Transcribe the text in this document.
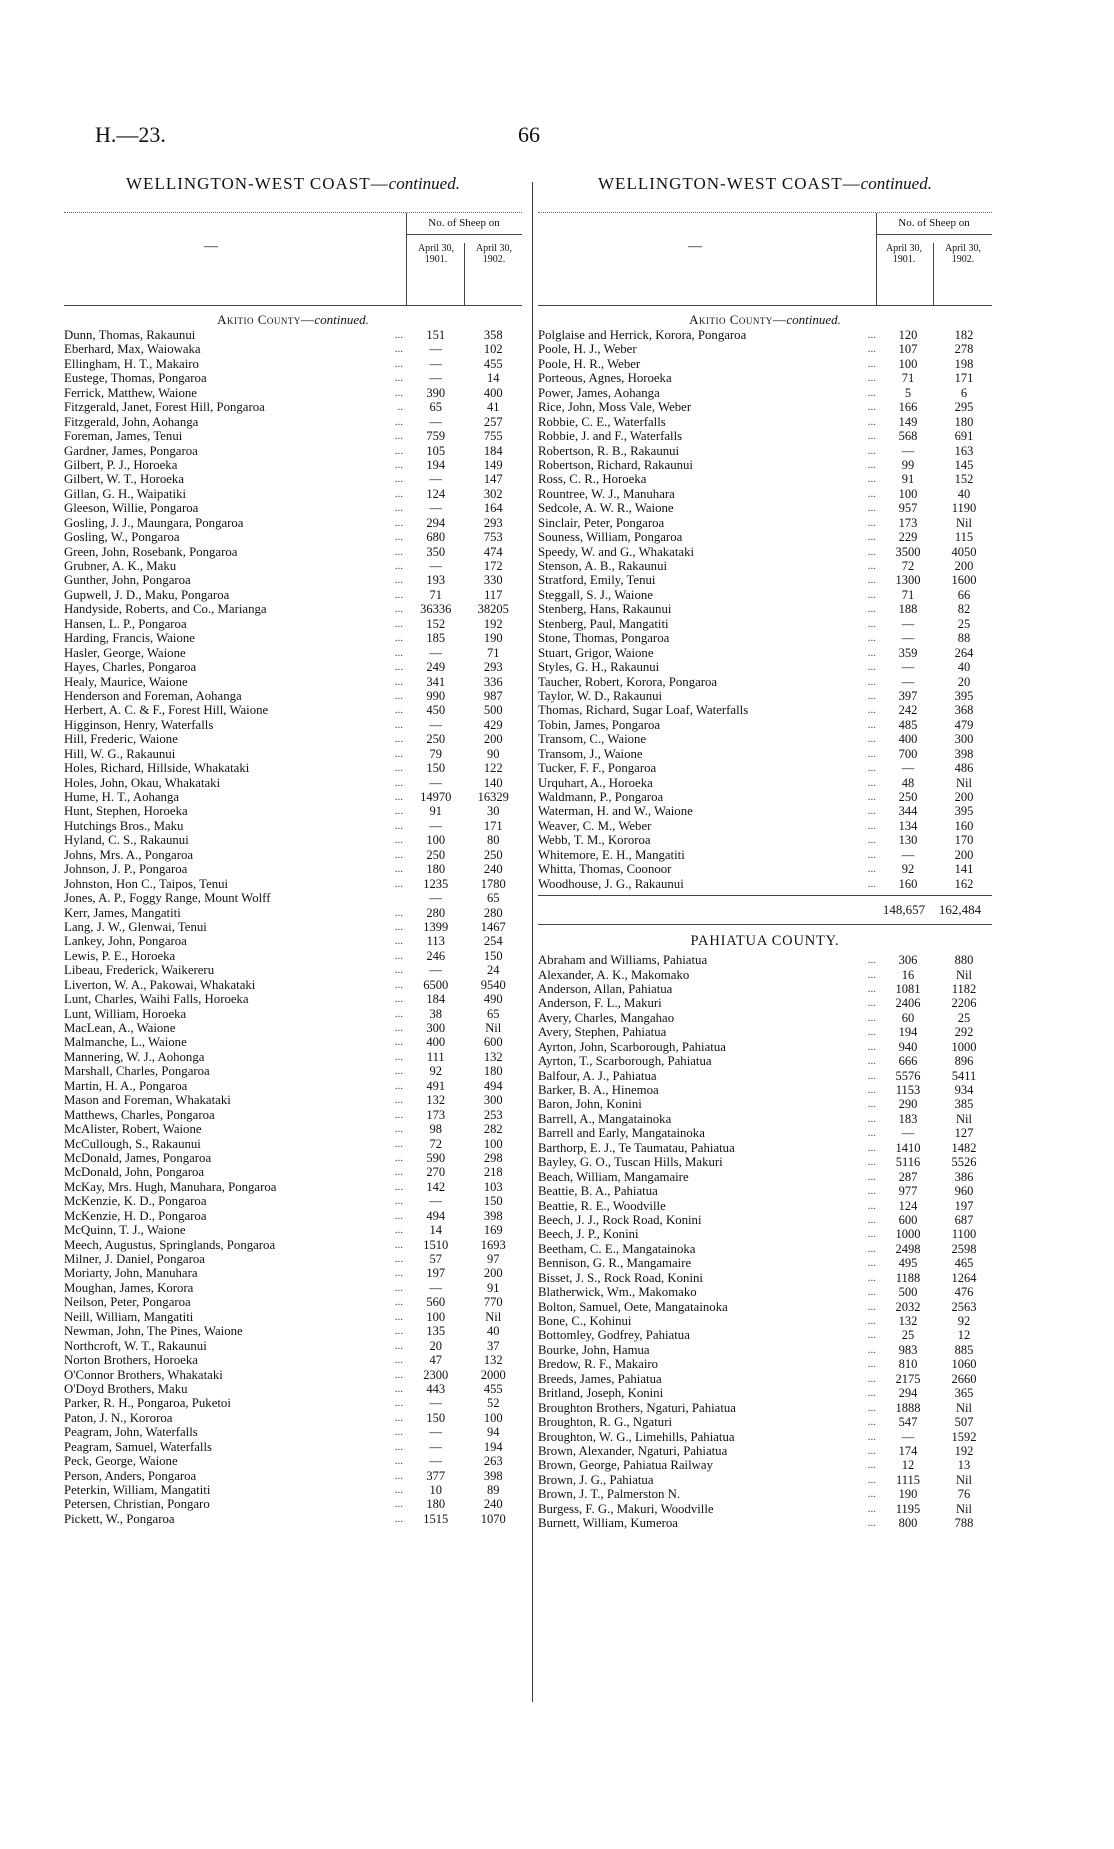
H.—23.	66
WELLINGTON-WEST COAST—continued.
—
No. of Sheep on
April 30, 1901.
April 30, 1902.
Akitio County—continued.
Dunn, Thomas, Rakaunui	...	151	358
Eberhard, Max, Waiowaka	...	—	102
Ellingham, H. T., Makairo	...	—	455
Eustege, Thomas, Pongaroa	...	—	14
Ferrick, Matthew, Waione	...	390	400
Fitzgerald, Janet, Forest Hill, Pongaroa	..	65	41
Fitzgerald, John, Aohanga	...	—	257
Foreman, James, Tenui	...	759	755
Gardner, James, Pongaroa	...	105	184
Gilbert, P. J., Horoeka	...	194	149
Gilbert, W. T., Horoeka	...	—	147
Gillan, G. H., Waipatiki	...	124	302
Gleeson, Willie, Pongaroa	...	—	164
Gosling, J. J., Maungara, Pongaroa	...	294	293
Gosling, W., Pongaroa	...	680	753
Green, John, Rosebank, Pongaroa	...	350	474
Grubner, A. K., Maku	...	—	172
Gunther, John, Pongaroa	...	193	330
Gupwell, J. D., Maku, Pongaroa	...	71	117
Handyside, Roberts, and Co., Marianga	...	36336	38205
Hansen, L. P., Pongaroa	...	152	192
Harding, Francis, Waione	...	185	190
Hasler, George, Waione	...	—	71
Hayes, Charles, Pongaroa	...	249	293
Healy, Maurice, Waione	...	341	336
Henderson and Foreman, Aohanga	...	990	987
Herbert, A. C. & F., Forest Hill, Waione	...	450	500
Higginson, Henry, Waterfalls	...	—	429
Hill, Frederic, Waione	...	250	200
Hill, W. G., Rakaunui	...	79	90
Holes, Richard, Hillside, Whakataki	...	150	122
Holes, John, Okau, Whakataki	...	—	140
Hume, H. T., Aohanga	...	14970	16329
Hunt, Stephen, Horoeka	...	91	30
Hutchings Bros., Maku	...	—	171
Hyland, C. S., Rakaunui	...	100	80
Johns, Mrs. A., Pongaroa	...	250	250
Johnson, J. P., Pongaroa	...	180	240
Johnston, Hon C., Taipos, Tenui	...	1235	1780
Jones, A. P., Foggy Range, Mount Wolff	—	65
Kerr, James, Mangatiti	...	280	280
Lang, J. W., Glenwai, Tenui	...	1399	1467
Lankey, John, Pongaroa	...	113	254
Lewis, P. E., Horoeka	...	246	150
Libeau, Frederick, Waikereru	...	—	24
Liverton, W. A., Pakowai, Whakataki	...	6500	9540
Lunt, Charles, Waihi Falls, Horoeka	...	184	490
Lunt, William, Horoeka	...	38	65
MacLean, A., Waione	...	300	Nil
Malmanche, L., Waione	...	400	600
Mannering, W. J., Aohonga	...	111	132
Marshall, Charles, Pongaroa	...	92	180
Martin, H. A., Pongaroa	...	491	494
Mason and Foreman, Whakataki	...	132	300
Matthews, Charles, Pongaroa	...	173	253
McAlister, Robert, Waione	...	98	282
McCullough, S., Rakaunui	...	72	100
McDonald, James, Pongaroa	...	590	298
McDonald, John, Pongaroa	...	270	218
McKay, Mrs. Hugh, Manuhara, Pongaroa	...	142	103
McKenzie, K. D., Pongaroa	...	—	150
McKenzie, H. D., Pongaroa	...	494	398
McQuinn, T. J., Waione	...	14	169
Meech, Augustus, Springlands, Pongaroa	...	1510	1693
Milner, J. Daniel, Pongaroa	...	57	97
Moriarty, John, Manuhara	...	197	200
Moughan, James, Korora	...	—	91
Neilson, Peter, Pongaroa	...	560	770
Neill, William, Mangatiti	...	100	Nil
Newman, John, The Pines, Waione	...	135	40
Northcroft, W. T., Rakaunui	...	20	37
Norton Brothers, Horoeka	...	47	132
O'Connor Brothers, Whakataki	...	2300	2000
O'Doyd Brothers, Maku	...	443	455
Parker, R. H., Pongaroa, Puketoi	...	—	52
Paton, J. N., Kororoa	...	150	100
Peagram, John, Waterfalls	...	—	94
Peagram, Samuel, Waterfalls	...	—	194
Peck, George, Waione	...	—	263
Person, Anders, Pongaroa	...	377	398
Peterkin, William, Mangatiti	...	10	89
Petersen, Christian, Pongaro	...	180	240
Pickett, W., Pongaroa	...	1515	1070
WELLINGTON-WEST COAST—continued.
—
No. of Sheep on
April 30, 1901.
April 30, 1902.
Akitio County—continued.
Polglaise and Herrick, Korora, Pongaroa	...	120	182
Poole, H. J., Weber	...	107	278
Poole, H. R., Weber	...	100	198
Porteous, Agnes, Horoeka	...	71	171
Power, James, Aohanga	...	5	6
Rice, John, Moss Vale, Weber	...	166	295
Robbie, C. E., Waterfalls	...	149	180
Robbie, J. and F., Waterfalls	...	568	691
Robertson, R. B., Rakaunui	...	—	163
Robertson, Richard, Rakaunui	...	99	145
Ross, C. R., Horoeka	...	91	152
Rountree, W. J., Manuhara	...	100	40
Sedcole, A. W. R., Waione	...	957	1190
Sinclair, Peter, Pongaroa	...	173	Nil
Souness, William, Pongaroa	...	229	115
Speedy, W. and G., Whakataki	...	3500	4050
Stenson, A. B., Rakaunui	...	72	200
Stratford, Emily, Tenui	...	1300	1600
Steggall, S. J., Waione	...	71	66
Stenberg, Hans, Rakaunui	...	188	82
Stenberg, Paul, Mangatiti	...	—	25
Stone, Thomas, Pongaroa	...	—	88
Stuart, Grigor, Waione	...	359	264
Styles, G. H., Rakaunui	...	—	40
Taucher, Robert, Korora, Pongaroa	...	—	20
Taylor, W. D., Rakaunui	...	397	395
Thomas, Richard, Sugar Loaf, Waterfalls	...	242	368
Tobin, James, Pongaroa	...	485	479
Transom, C., Waione	...	400	300
Transom, J., Waione	...	700	398
Tucker, F. F., Pongaroa	...	—	486
Urquhart, A., Horoeka	...	48	Nil
Waldmann, P., Pongaroa	...	250	200
Waterman, H. and W., Waione	...	344	395
Weaver, C. M., Weber	...	134	160
Webb, T. M., Kororoa	...	130	170
Whitemore, E. H., Mangatiti	...	—	200
Whitta, Thomas, Coonoor	...	92	141
Woodhouse, J. G., Rakaunui	...	160	162
148,657	162,484
PAHIATUA COUNTY.
Abraham and Williams, Pahiatua	...	306	880
Alexander, A. K., Makomako	...	16	Nil
Anderson, Allan, Pahiatua	...	1081	1182
Anderson, F. L., Makuri	...	2406	2206
Avery, Charles, Mangahao	...	60	25
Avery, Stephen, Pahiatua	...	194	292
Ayrton, John, Scarborough, Pahiatua	...	940	1000
Ayrton, T., Scarborough, Pahiatua	...	666	896
Balfour, A. J., Pahiatua	...	5576	5411
Barker, B. A., Hinemoa	...	1153	934
Baron, John, Konini	...	290	385
Barrell, A., Mangatainoka	...	183	Nil
Barrell and Early, Mangatainoka	...	—	127
Barthorp, E. J., Te Taumatau, Pahiatua	...	1410	1482
Bayley, G. O., Tuscan Hills, Makuri	...	5116	5526
Beach, William, Mangamaire	...	287	386
Beattie, B. A., Pahiatua	...	977	960
Beattie, R. E., Woodville	...	124	197
Beech, J. J., Rock Road, Konini	...	600	687
Beech, J. P., Konini	...	1000	1100
Beetham, C. E., Mangatainoka	...	2498	2598
Bennison, G. R., Mangamaire	...	495	465
Bisset, J. S., Rock Road, Konini	...	1188	1264
Blatherwick, Wm., Makomako	...	500	476
Bolton, Samuel, Oete, Mangatainoka	...	2032	2563
Bone, C., Kohinui	...	132	92
Bottomley, Godfrey, Pahiatua	...	25	12
Bourke, John, Hamua	...	983	885
Bredow, R. F., Makairo	...	810	1060
Breeds, James, Pahiatua	...	2175	2660
Britland, Joseph, Konini	...	294	365
Broughton Brothers, Ngaturi, Pahiatua	...	1888	Nil
Broughton, R. G., Ngaturi	...	547	507
Broughton, W. G., Limehills, Pahiatua	...	—	1592
Brown, Alexander, Ngaturi, Pahiatua	...	174	192
Brown, George, Pahiatua Railway	...	12	13
Brown, J. G., Pahiatua	...	1115	Nil
Brown, J. T., Palmerston N.	...	190	76
Burgess, F. G., Makuri, Woodville	...	1195	Nil
Burnett, William, Kumeroa	...	800	788
